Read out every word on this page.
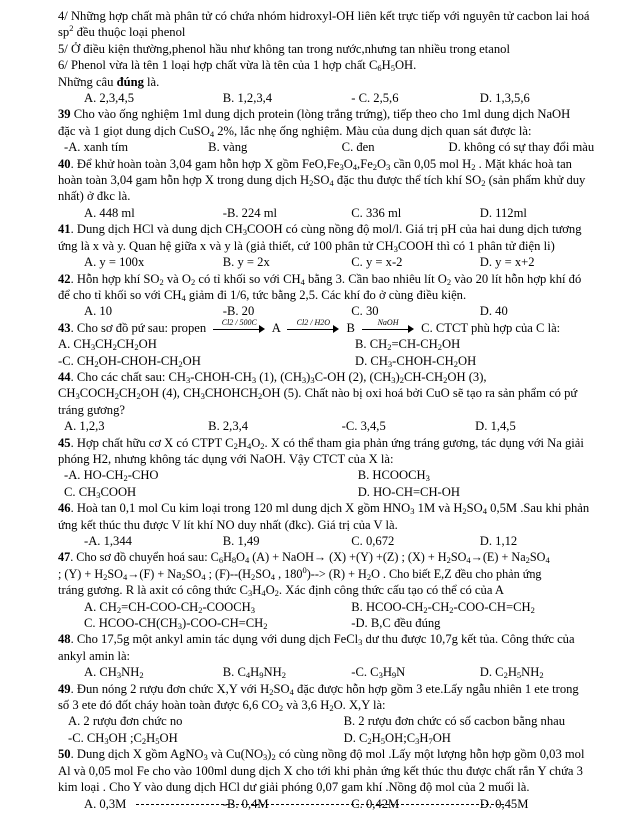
4/ Những hợp chất mà phân tử có chứa nhóm hidroxyl-OH liên kết trực tiếp với nguyên tử cacbon lai hoá
$sp^2$ đều thuộc loại phenol
5/ Ở điều kiện thường,phenol hầu như không tan trong nước,nhưng tan nhiều trong etanol
6/ Phenol vừa là tên 1 loại hợp chất vừa là tên của 1 hợp chất $C_6H_5OH$.
Những câu đúng là.
A. 2,3,4,5	B. 1,2,3,4	- C. 2,5,6	D. 1,3,5,6
39 Cho vào ống nghiệm 1ml dung dịch protein (lòng trắng trứng), tiếp theo cho 1ml dung dịch NaOH
đặc và 1 giọt dung dịch CuSO$_4$ 2%, lắc nhẹ ống nghiệm. Màu của dung dịch quan sát được là:
-A. xanh tím	B. vàng	C. đen	D. không có sự thay đổi màu
40. Để khử hoàn toàn 3,04 gam hỗn hợp X gồm $FeO,Fe_3O_4,Fe_2O_3$ cần 0,05 mol $H_2$ . Mặt khác hoà tan
hoàn toàn 3,04 gam hỗn hợp X trong dung dịch $H_2SO_4$ đặc thu được thể tích khí $SO_2$ (sản phẩm khử duy
nhất) ở đkc là.
A. 448 ml	-B. 224 ml	C. 336 ml	D. 112ml
41. Dung dịch HCl và dung dịch $CH_3COOH$ có cùng nồng độ mol/l. Giá trị pH của hai dung dịch tương
ứng là x và y. Quan hệ giữa x và y là (giả thiết, cứ 100 phân tử $CH_3COOH$ thì có 1 phân tử điện li)
A. y = 100x	B. y = 2x	C. y = x-2	D. y = x+2
42. Hỗn hợp khí $SO_2$ và $O_2$ có tỉ khối so với $CH_4$ bằng 3. Cần bao nhiêu lít $O_2$ vào 20 lít hỗn hợp khí đó
để cho tỉ khối so với $CH_4$ giảm đi 1/6, tức bằng 2,5. Các khí đo ở cùng điều kiện.
A. 10	-B. 20	C. 30	D. 40
43. Cho sơ đồ pứ sau: propen	Cl2 / 500C A	Cl2 / H2O	B	NaOH	C. CTCT phù hợp của C là:
A. $CH_3CH_2CH_2OH$	B. $CH_2=CH-CH_2OH$
-C. $CH_2OH-CHOH-CH_2OH$	D. $CH_3-CHOH-CH_2OH$
44. Cho các chất sau: $CH_3-CHOH-CH_3$ (1), $(CH_3)_3C-OH$ (2), $(CH_3)_2CH-CH_2OH$ (3),
$CH_3COCH_2CH_2OH$ (4), $CH_3CHOHCH_2OH$ (5). Chất nào bị oxi hoá bởi CuO sẽ tạo ra sản phẩm có pứ
tráng gương?
A. 1,2,3	B. 2,3,4	-C. 3,4,5	D. 1,4,5
45. Hợp chất hữu cơ X có CTPT $C_2H_4O_2$. X có thể tham gia phản ứng tráng gương, tác dụng với Na giải
phóng H2, nhưng không tác dụng với NaOH. Vậy CTCT của X là:
-A. $HO-CH_2$-CHO	B. $HCOOCH_3$
C. $CH_3COOH$	D. HO-CH=CH-OH
46. Hoà tan 0,1 mol Cu kim loại trong 120 ml dung dịch X gồm $HNO_3$ 1M và $H_2SO_4$ 0,5M .Sau khi phản
ứng kết thúc thu được V lít khí NO duy nhất (đkc). Giá trị của V là.
-A. 1,344	B. 1,49	C. 0,672	D. 1,12
47. Cho sơ đồ chuyển hoá sau: $C_6H_8O_4$ (A) + NaOH→ (X) +(Y) +(Z) ; $(X) + H_2SO_4\to(E) + Na_2SO_4$
; $(Y) + H_2SO_4\to(F) + Na_2SO_4$ ; $(F)--(H_2SO_4$ , $180^0)--> (R) + H_2O$ . Cho biết E,Z đều cho phản ứng
tráng gương. R là axit có công thức $C_3H_4O_2$. Xác định công thức cấu tạo có thể có của A
A. $CH_2=CH-COO-CH_2-COOCH_3$	B. HCOO-$CH_2-CH_2-COO-CH=CH_2$
C. HCOO-$CH(CH_3)-COO-CH=CH_2$	-D. B,C đều đúng
48. Cho 17,5g một ankyl amin tác dụng với dung dịch FeCl$_3$ dư thu được 10,7g kết tủa. Công thức của
ankyl amin là:
A. $CH_3NH_2$	B. $C_4H_9NH_2$	-C. $C_3H_9N$	D. $C_2H_5NH_2$
49. Đun nóng 2 rượu đơn chức X,Y với $H_2SO_4$ đặc được hỗn hợp gồm 3 ete.Lấy ngẫu nhiên 1 ete trong
số 3 ete đó đốt cháy hoàn toàn được 6,6 $CO_2$ và 3,6 $H_2O$. X,Y là:
A. 2 rượu đơn chức no	B. 2 rượu đơn chức có số cacbon bằng nhau
-C. $CH_3OH$ $;C_2H_5OH$	D. $C_2H_5OH;C_3H_7OH$
50. Dung dịch X gồm AgNO$_3$ và $Cu(NO_3)_2$ có cùng nồng độ mol .Lấy một lượng hỗn hợp gồm 0,03 mol
Al và 0,05 mol Fe cho vào 100ml dung dịch X cho tới khi phản ứng kết thúc thu được chất rắn Y chứa 3
kim loại . Cho Y vào dung dịch HCl dư giải phóng 0,07 gam khí .Nồng độ mol của 2 muối là.
A. 0,3M	-B. 0,4M	C. 0,42M	D. 0,45M
